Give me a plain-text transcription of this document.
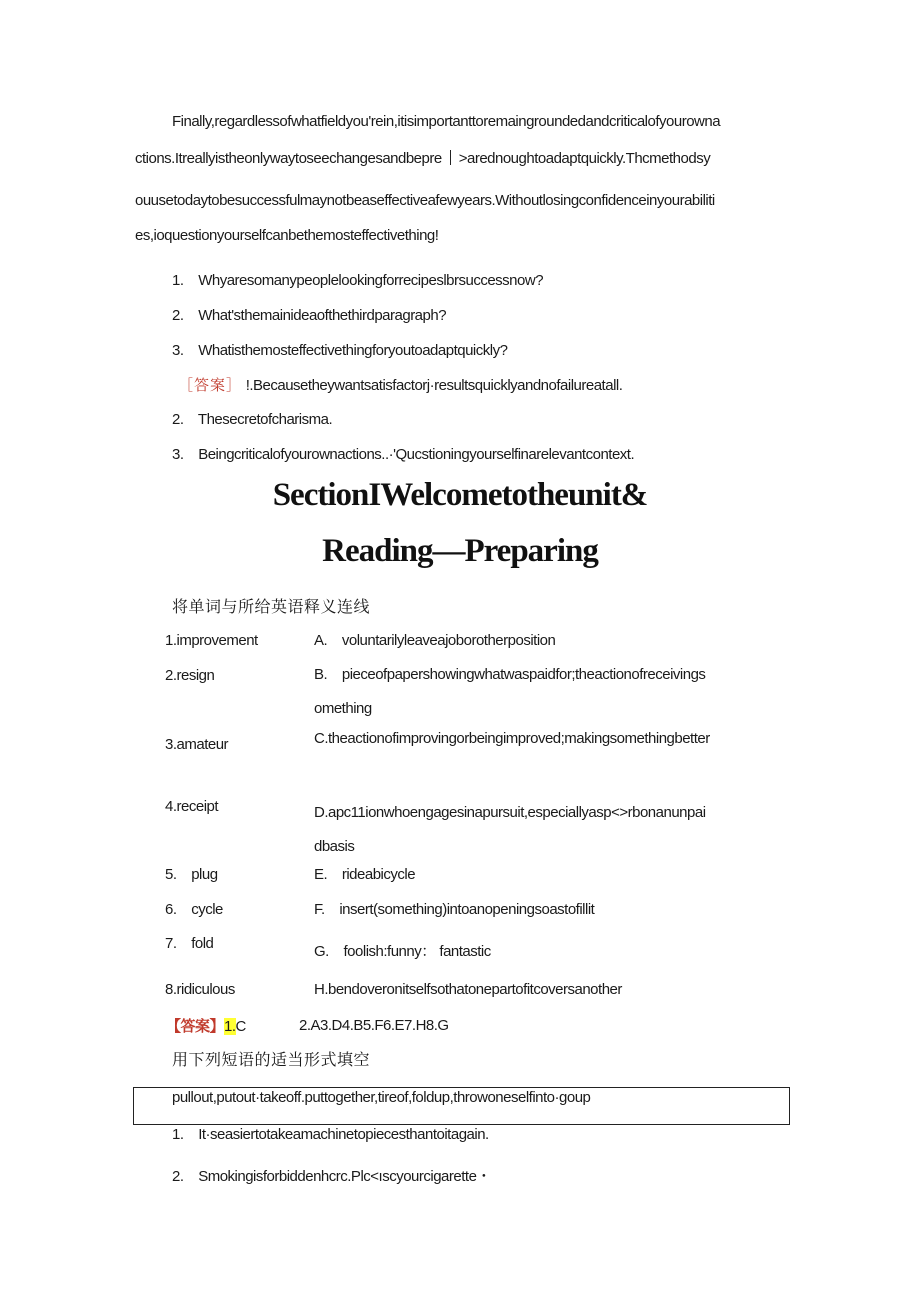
Finally,regardlessofwhatfieldyou'rein,itisimportanttoremaingroundedandcriticalofyourowna
ctions.Itreallyistheonlywaytoseechangesandbepre >arednoughtoadaptquickly.Thcmethodsy
ouusetodaytobesuccessfulmaynotbeaseffectiveafewyears.Withoutlosingconfidenceinyourabiliti
es,ioquestionyourselfcanbethemosteffectivething!
1. Whyaresomanypeoplelookingforrecipeslbrsuccessnow?
2. What'sthemainideaofthethirdparagraph?
3. Whatisthemosteffectivethingforyoutoadaptquickly?
［答案］ !.Becausetheywantsatisfactorj·resultsquicklyandnofailureatall.
2. Thesecretofcharisma.
3. Beingcriticalofyourownactions..·'Qucstioningyourselfinarelevantcontext.
SectionIWelcometotheunit&
Reading—Preparing
将单词与所给英语释义连线
1.improvement
2.resign
3.amateur
4.receipt
5. plug
6. cycle
7. fold
8.ridiculous
A. voluntarilyleaveajoborotherposition
B. pieceofpapershowingwhatwaspaidfor;theactionofreceivings
omething
C.theactionofimprovingorbeingimproved;makingsomethingbetter
D.apc11ionwhoengagesinapursuit,especiallyasp<>rbonanunpai
dbasis
E. rideabicycle
F. insert(something)intoanopeningsoastofillit
G. foolish:funny： fantastic
H.bendoveronitselfsothatonepartofitcoversanother
【答案】1.C	2.A3.D4.B5.F6.E7.H8.G
用下列短语的适当形式填空
pullout,putout·takeoff.puttogether,tireof,foldup,throwoneselfinto·goup
1. It·seasiertotakeamachinetopiecesthantoitagain.
2. Smokingisforbiddenhcrc.Plc<ıscyourcigarette・
